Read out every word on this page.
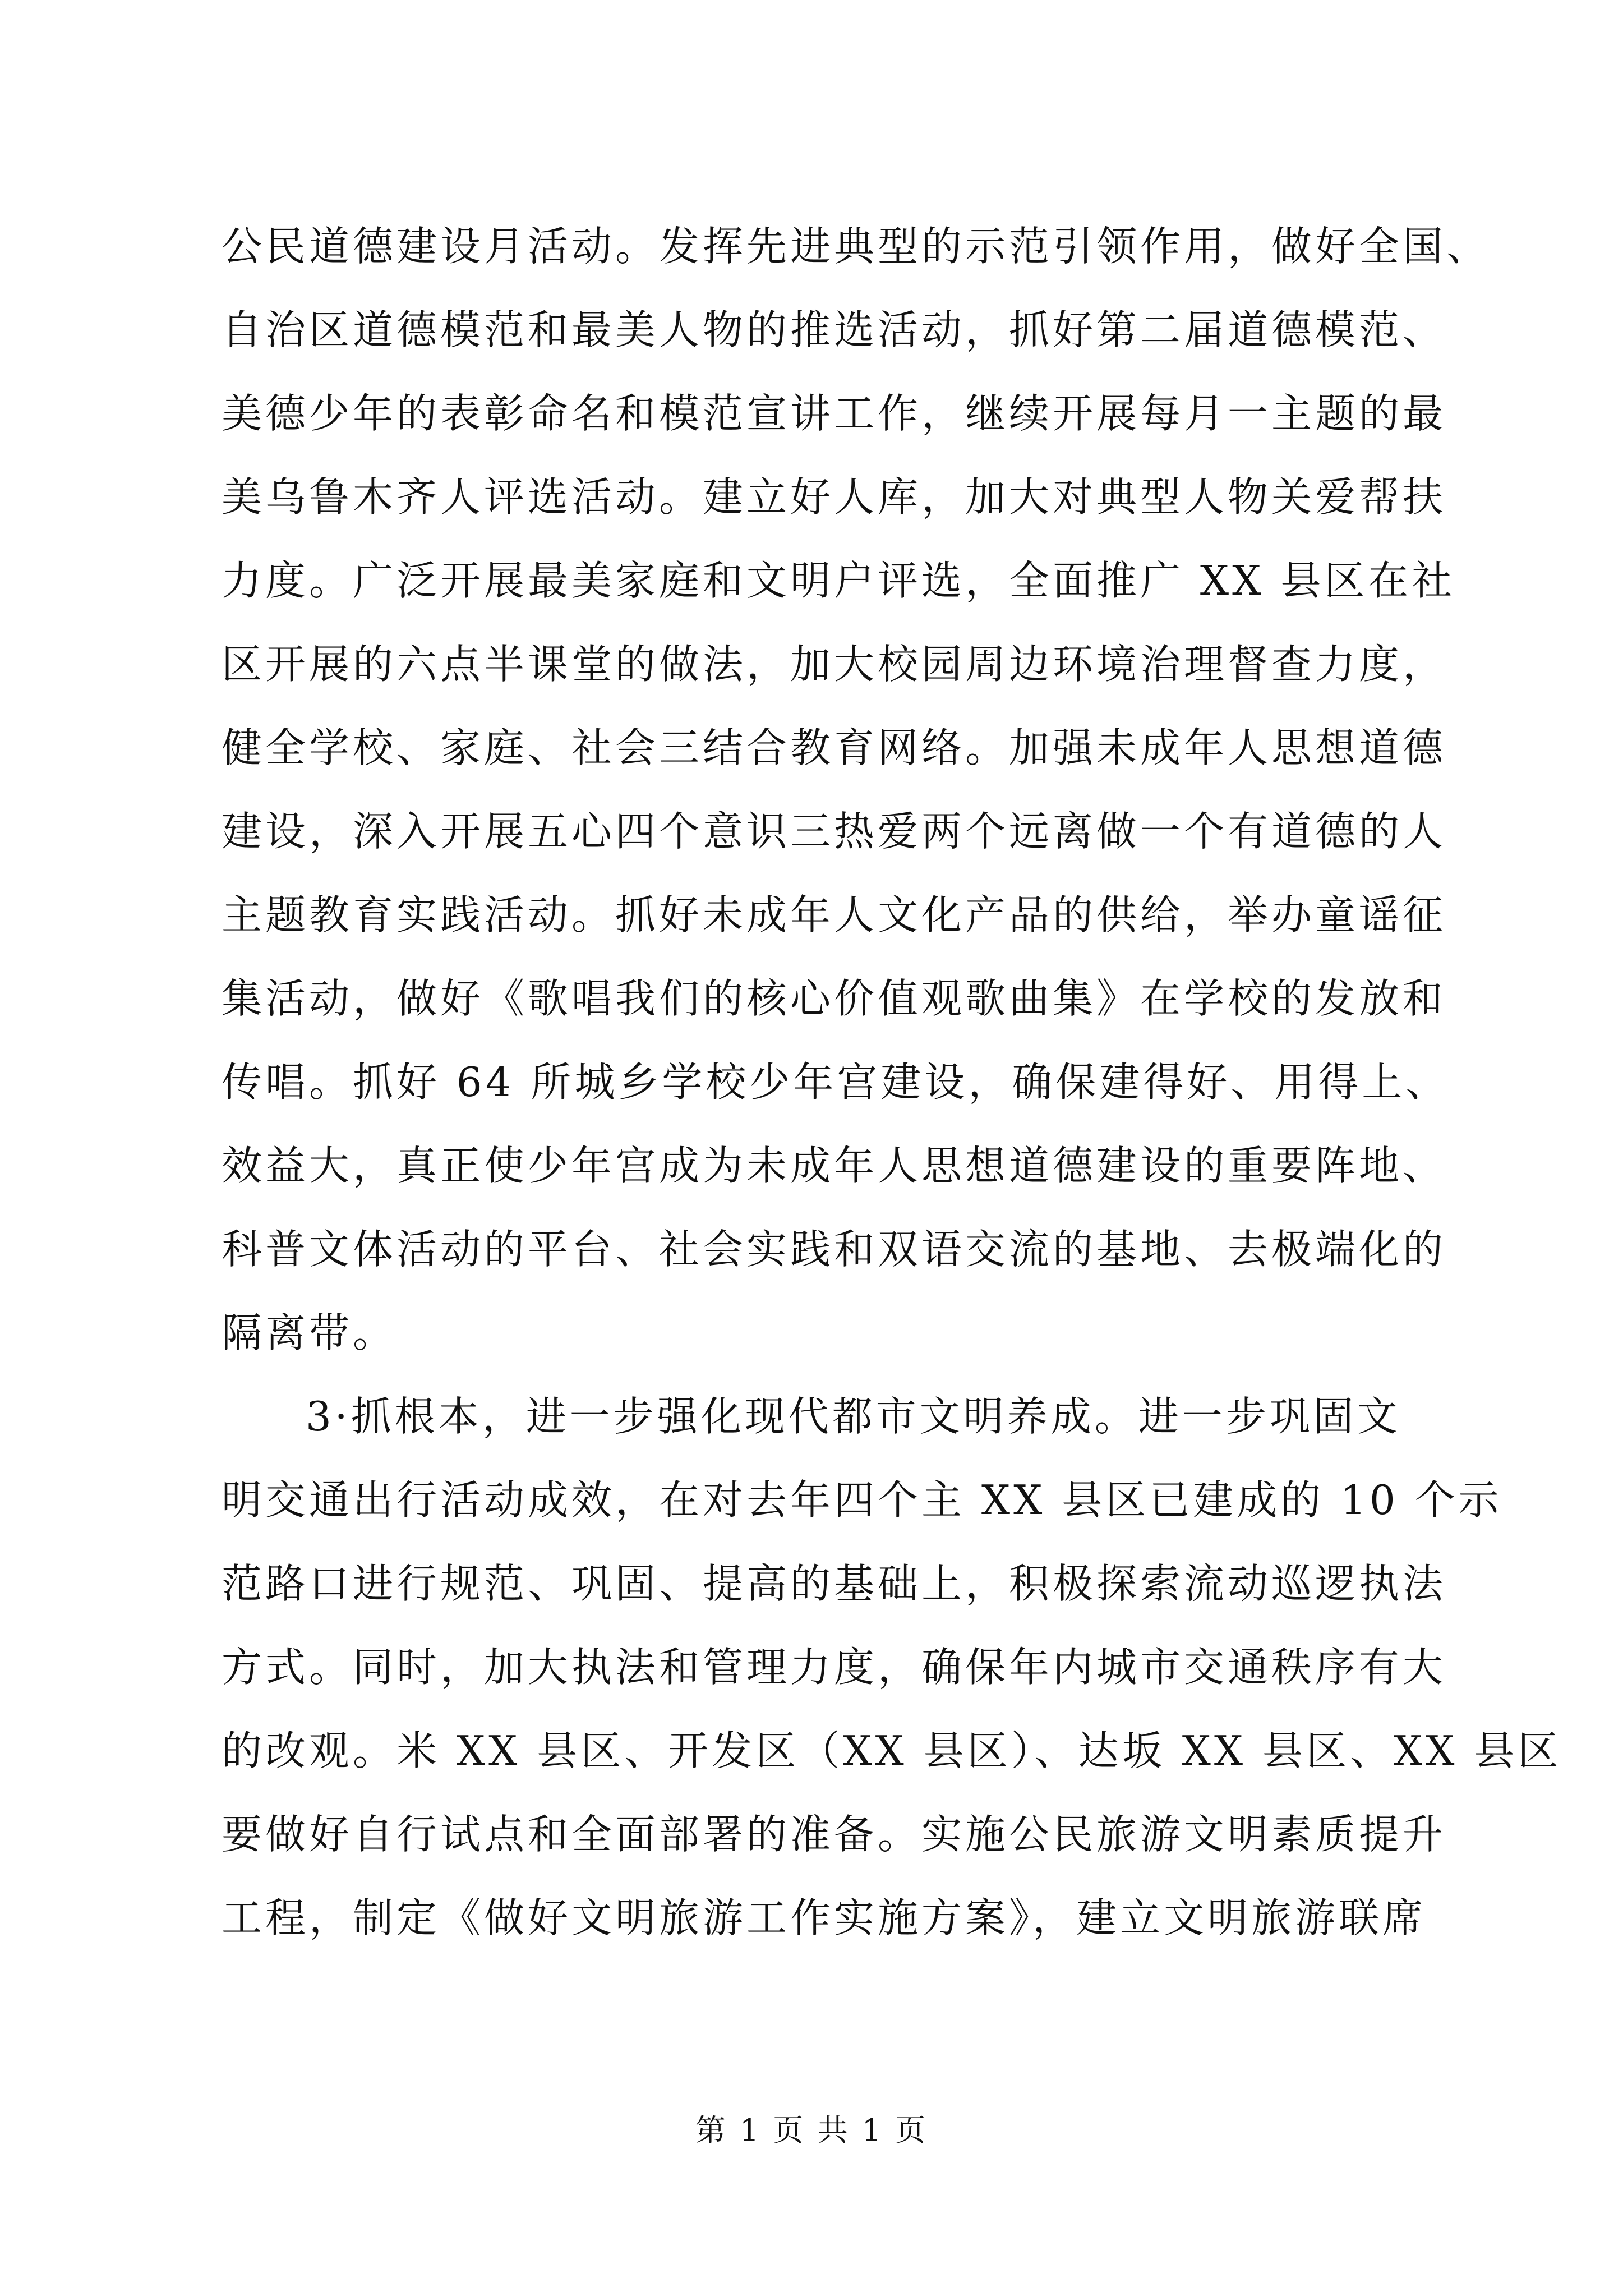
公民道德建设月活动。发挥先进典型的示范引领作用，做好全国、
自治区道德模范和最美人物的推选活动，抓好第二届道德模范、
美德少年的表彰命名和模范宣讲工作，继续开展每月一主题的最
美乌鲁木齐人评选活动。建立好人库，加大对典型人物关爱帮扶
力度。广泛开展最美家庭和文明户评选，全面推广 XX 县区在社
区开展的六点半课堂的做法，加大校园周边环境治理督查力度，
健全学校、家庭、社会三结合教育网络。加强未成年人思想道德
建设，深入开展五心四个意识三热爱两个远离做一个有道德的人
主题教育实践活动。抓好未成年人文化产品的供给，举办童谣征
集活动，做好《歌唱我们的核心价值观歌曲集》在学校的发放和
传唱。抓好 64 所城乡学校少年宫建设，确保建得好、用得上、
效益大，真正使少年宫成为未成年人思想道德建设的重要阵地、
科普文体活动的平台、社会实践和双语交流的基地、去极端化的
隔离带。
3·抓根本，进一步强化现代都市文明养成。进一步巩固文
明交通出行活动成效，在对去年四个主 XX 县区已建成的 10 个示
范路口进行规范、巩固、提高的基础上，积极探索流动巡逻执法
方式。同时，加大执法和管理力度，确保年内城市交通秩序有大
的改观。米 XX 县区、开发区（XX 县区）、达坂 XX 县区、XX 县区
要做好自行试点和全面部署的准备。实施公民旅游文明素质提升
工程，制定《做好文明旅游工作实施方案》，建立文明旅游联席
第 1 页 共 1 页
